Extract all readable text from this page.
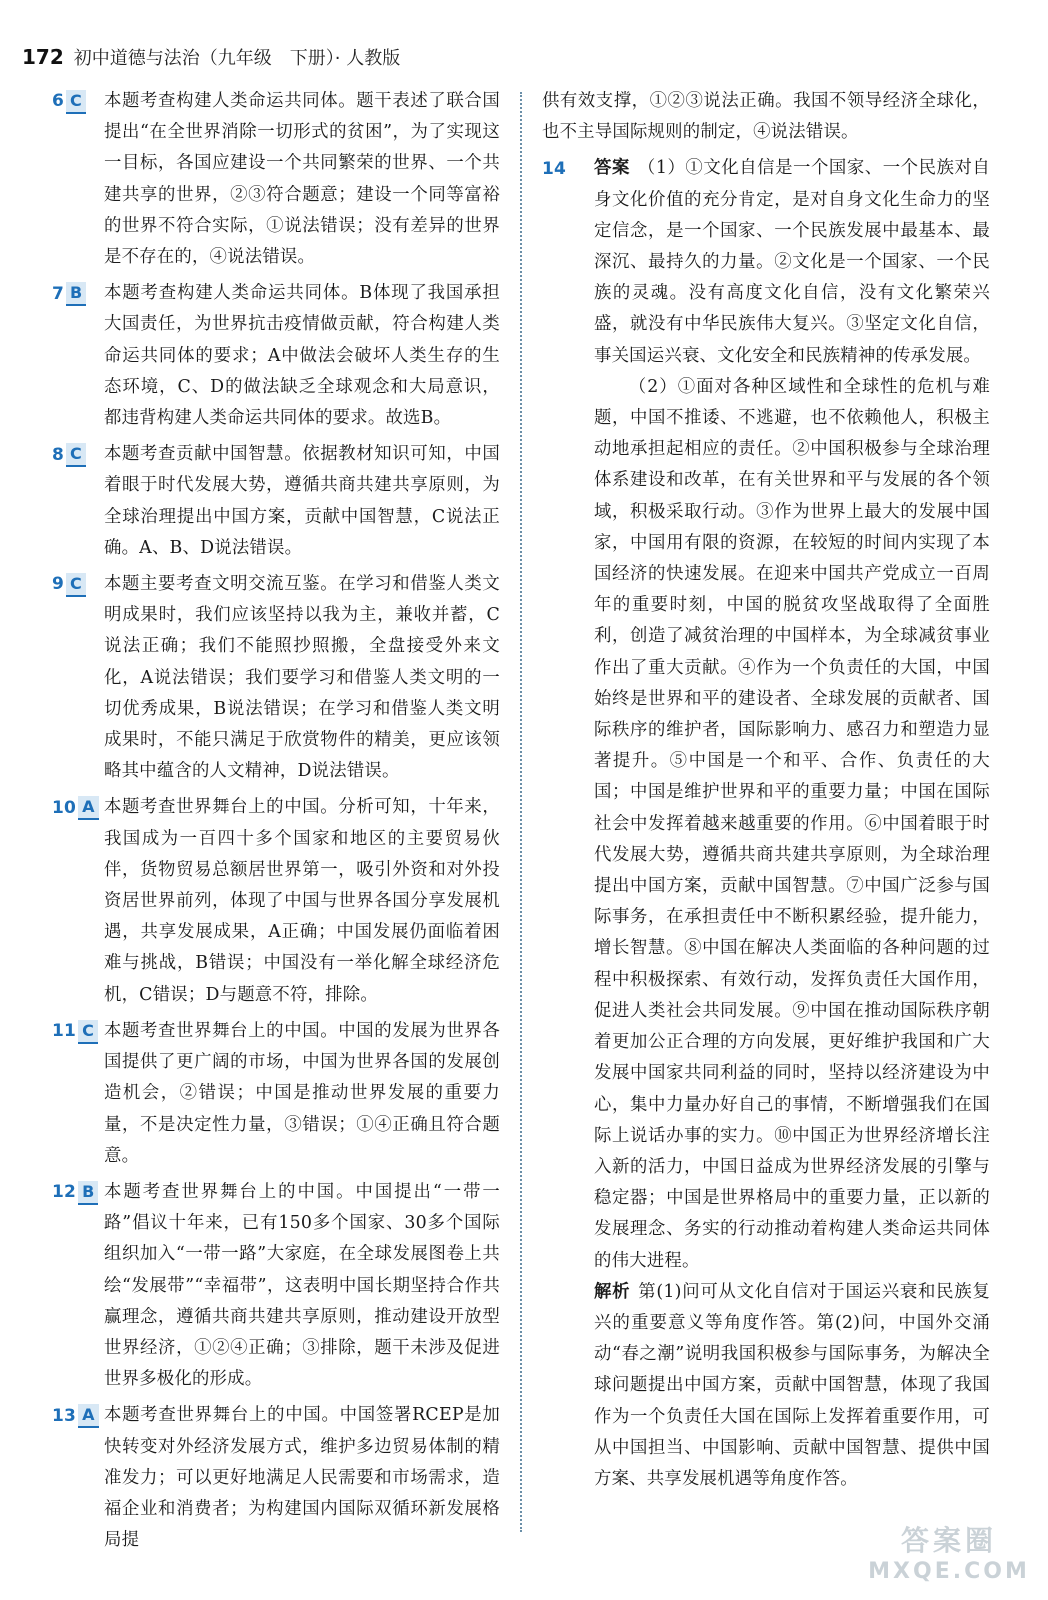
172 初中道德与法治（九年级　下册）· 人教版
6 C 本题考查构建人类命运共同体。题干表述了联合国提出“在全世界消除一切形式的贫困”，为了实现这一目标，各国应建设一个共同繁荣的世界、一个共建共享的世界，②③符合题意；建设一个同等富裕的世界不符合实际，①说法错误；没有差异的世界是不存在的，④说法错误。

7 B 本题考查构建人类命运共同体。B体现了我国承担大国责任，为世界抗击疫情做贡献，符合构建人类命运共同体的要求；A中做法会破坏人类生存的生态环境，C、D的做法缺乏全球观念和大局意识，都违背构建人类命运共同体的要求。故选B。

8 C 本题考查贡献中国智慧。依据教材知识可知，中国着眼于时代发展大势，遵循共商共建共享原则，为全球治理提出中国方案，贡献中国智慧，C说法正确。A、B、D说法错误。

9 C 本题主要考查文明交流互鉴。在学习和借鉴人类文明成果时，我们应该坚持以我为主，兼收并蓄，C说法正确；我们不能照抄照搬，全盘接受外来文化，A说法错误；我们要学习和借鉴人类文明的一切优秀成果，B说法错误；在学习和借鉴人类文明成果时，不能只满足于欣赏物件的精美，更应该领略其中蕴含的人文精神，D说法错误。

10 A 本题考查世界舞台上的中国。分析可知，十年来，我国成为一百四十多个国家和地区的主要贸易伙伴，货物贸易总额居世界第一，吸引外资和对外投资居世界前列，体现了中国与世界各国分享发展机遇，共享发展成果，A正确；中国发展仍面临着困难与挑战，B错误；中国没有一举化解全球经济危机，C错误；D与题意不符，排除。

11 C 本题考查世界舞台上的中国。中国的发展为世界各国提供了更广阔的市场，中国为世界各国的发展创造机会，②错误；中国是推动世界发展的重要力量，不是决定性力量，③错误；①④正确且符合题意。

12 B 本题考查世界舞台上的中国。中国提出“一带一路”倡议十年来，已有150多个国家、30多个国际组织加入“一带一路”大家庭，在全球发展图卷上共绘“发展带”“幸福带”，这表明中国长期坚持合作共赢理念，遵循共商共建共享原则，推动建设开放型世界经济，①②④正确；③排除，题干未涉及促进世界多极化的形成。

13 A 本题考查世界舞台上的中国。中国签署RCEP是加快转变对外经济发展方式，维护多边贸易体制的精准发力；可以更好地满足人民需要和市场需求，造福企业和消费者；为构建国内国际双循环新发展格局提

供有效支撑，①②③说法正确。我国不领导经济全球化，也不主导国际规则的制定，④说法错误。

14 答案 （1）①文化自信是一个国家、一个民族对自身文化价值的充分肯定，是对自身文化生命力的坚定信念，是一个国家、一个民族发展中最基本、最深沉、最持久的力量。②文化是一个国家、一个民族的灵魂。没有高度文化自信，没有文化繁荣兴盛，就没有中华民族伟大复兴。③坚定文化自信，事关国运兴衰、文化安全和民族精神的传承发展。

（2）①面对各种区域性和全球性的危机与难题，中国不推诿、不逃避，也不依赖他人，积极主动地承担起相应的责任。②中国积极参与全球治理体系建设和改革，在有关世界和平与发展的各个领域，积极采取行动。③作为世界上最大的发展中国家，中国用有限的资源，在较短的时间内实现了本国经济的快速发展。在迎来中国共产党成立一百周年的重要时刻，中国的脱贫攻坚战取得了全面胜利，创造了减贫治理的中国样本，为全球减贫事业作出了重大贡献。④作为一个负责任的大国，中国始终是世界和平的建设者、全球发展的贡献者、国际秩序的维护者，国际影响力、感召力和塑造力显著提升。⑤中国是一个和平、合作、负责任的大国；中国是维护世界和平的重要力量；中国在国际社会中发挥着越来越重要的作用。⑥中国着眼于时代发展大势，遵循共商共建共享原则，为全球治理提出中国方案，贡献中国智慧。⑦中国广泛参与国际事务，在承担责任中不断积累经验，提升能力，增长智慧。⑧中国在解决人类面临的各种问题的过程中积极探索、有效行动，发挥负责任大国作用，促进人类社会共同发展。⑨中国在推动国际秩序朝着更加公正合理的方向发展，更好维护我国和广大发展中国家共同利益的同时，坚持以经济建设为中心，集中力量办好自己的事情，不断增强我们在国际上说话办事的实力。⑩中国正为世界经济增长注入新的活力，中国日益成为世界经济发展的引擎与稳定器；中国是世界格局中的重要力量，正以新的发展理念、务实的行动推动着构建人类命运共同体的伟大进程。

解析 第(1)问可从文化自信对于国运兴衰和民族复兴的重要意义等角度作答。第(2)问，中国外交涌动“春之潮”说明我国积极参与国际事务，为解决全球问题提出中国方案，贡献中国智慧，体现了我国作为一个负责任大国在国际上发挥着重要作用，可从中国担当、中国影响、贡献中国智慧、提供中国方案、共享发展机遇等角度作答。

答案圈
MXQE.COM
